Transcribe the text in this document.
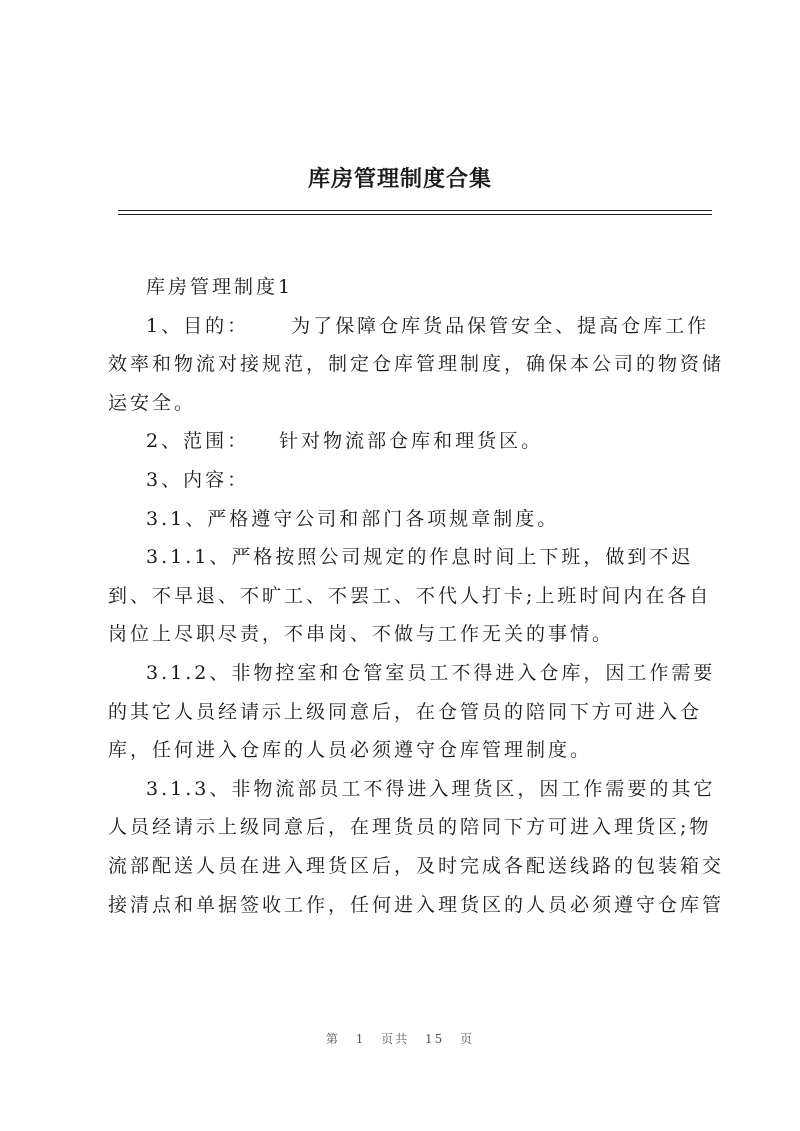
库房管理制度合集
库房管理制度1
1、目的： 为了保障仓库货品保管安全、提高仓库工作
效率和物流对接规范，制定仓库管理制度，确保本公司的物资储
运安全。
2、范围： 针对物流部仓库和理货区。
3、内容：
3.1、严格遵守公司和部门各项规章制度。
3.1.1、严格按照公司规定的作息时间上下班，做到不迟
到、不早退、不旷工、不罢工、不代人打卡;上班时间内在各自
岗位上尽职尽责，不串岗、不做与工作无关的事情。
3.1.2、非物控室和仓管室员工不得进入仓库，因工作需要
的其它人员经请示上级同意后，在仓管员的陪同下方可进入仓
库，任何进入仓库的人员必须遵守仓库管理制度。
3.1.3、非物流部员工不得进入理货区，因工作需要的其它
人员经请示上级同意后，在理货员的陪同下方可进入理货区;物
流部配送人员在进入理货区后，及时完成各配送线路的包装箱交
接清点和单据签收工作，任何进入理货区的人员必须遵守仓库管
第 1 页共 15 页
